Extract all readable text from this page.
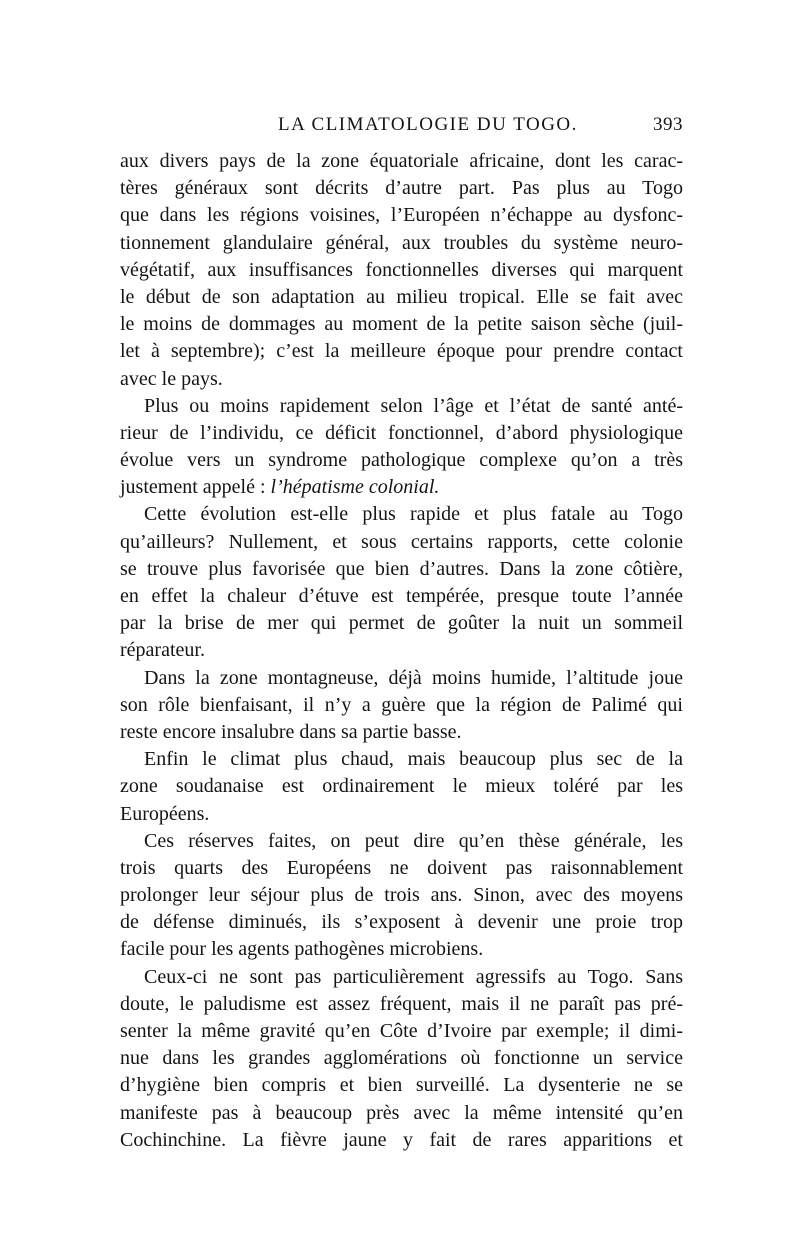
LA CLIMATOLOGIE DU TOGO.	393

aux divers pays de la zone équatoriale africaine, dont les carac-
tères généraux sont décrits d’autre part. Pas plus au Togo
que dans les régions voisines, l’Européen n’échappe au dysfonc-
tionnement glandulaire général, aux troubles du système neuro-
végétatif, aux insuffisances fonctionnelles diverses qui marquent
le début de son adaptation au milieu tropical. Elle se fait avec
le moins de dommages au moment de la petite saison sèche (juil-
let à septembre); c’est la meilleure époque pour prendre contact
avec le pays.

Plus ou moins rapidement selon l’âge et l’état de santé anté-
rieur de l’individu, ce déficit fonctionnel, d’abord physiologique
évolue vers un syndrome pathologique complexe qu’on a très
justement appelé : l’hépatisme colonial.

Cette évolution est-elle plus rapide et plus fatale au Togo
qu’ailleurs? Nullement, et sous certains rapports, cette colonie
se trouve plus favorisée que bien d’autres. Dans la zone côtière,
en effet la chaleur d’étuve est tempérée, presque toute l’année
par la brise de mer qui permet de goûter la nuit un sommeil
réparateur.

Dans la zone montagneuse, déjà moins humide, l’altitude joue
son rôle bienfaisant, il n’y a guère que la région de Palimé qui
reste encore insalubre dans sa partie basse.

Enfin le climat plus chaud, mais beaucoup plus sec de la
zone soudanaise est ordinairement le mieux toléré par les
Européens.

Ces réserves faites, on peut dire qu’en thèse générale, les
trois quarts des Européens ne doivent pas raisonnablement
prolonger leur séjour plus de trois ans. Sinon, avec des moyens
de défense diminués, ils s’exposent à devenir une proie trop
facile pour les agents pathogènes microbiens.

Ceux-ci ne sont pas particulièrement agressifs au Togo. Sans
doute, le paludisme est assez fréquent, mais il ne paraît pas pré-
senter la même gravité qu’en Côte d’Ivoire par exemple; il dimi-
nue dans les grandes agglomérations où fonctionne un service
d’hygiène bien compris et bien surveillé. La dysenterie ne se
manifeste pas à beaucoup près avec la même intensité qu’en
Cochinchine. La fièvre jaune y fait de rares apparitions et
